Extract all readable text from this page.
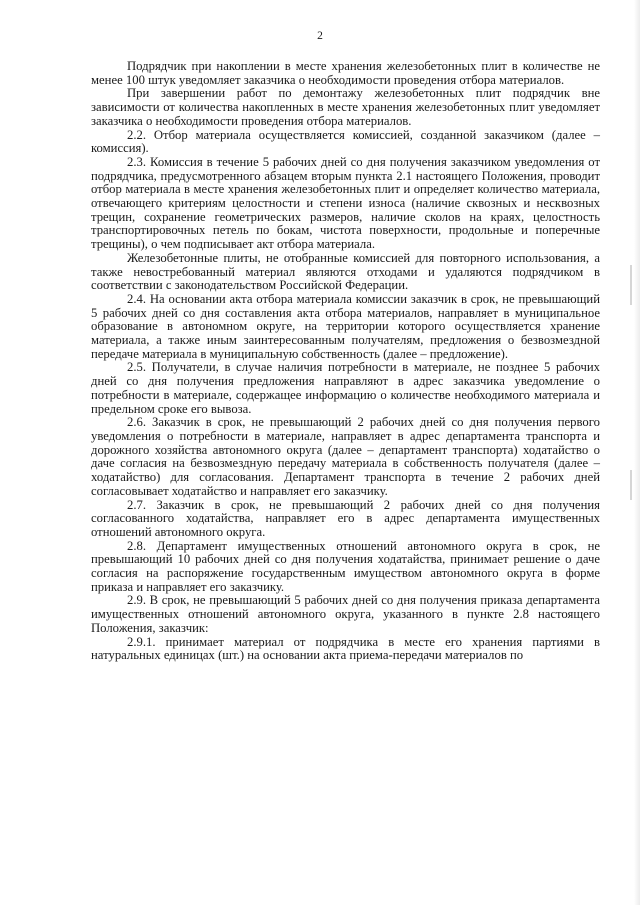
2

Подрядчик при накоплении в месте хранения железобетонных плит в количестве не менее 100 штук уведомляет заказчика о необходимости проведения отбора материалов.

При завершении работ по демонтажу железобетонных плит подрядчик вне зависимости от количества накопленных в месте хранения железобетонных плит уведомляет заказчика о необходимости проведения отбора материалов.

2.2. Отбор материала осуществляется комиссией, созданной заказчиком (далее – комиссия).

2.3. Комиссия в течение 5 рабочих дней со дня получения заказчиком уведомления от подрядчика, предусмотренного абзацем вторым пункта 2.1 настоящего Положения, проводит отбор материала в месте хранения железобетонных плит и определяет количество материала, отвечающего критериям целостности и степени износа (наличие сквозных и несквозных трещин, сохранение геометрических размеров, наличие сколов на краях, целостность транспортировочных петель по бокам, чистота поверхности, продольные и поперечные трещины), о чем подписывает акт отбора материала.

Железобетонные плиты, не отобранные комиссией для повторного использования, а также невостребованный материал являются отходами и удаляются подрядчиком в соответствии с законодательством Российской Федерации.

2.4. На основании акта отбора материала комиссии заказчик в срок, не превышающий 5 рабочих дней со дня составления акта отбора материалов, направляет в муниципальное образование в автономном округе, на территории которого осуществляется хранение материала, а также иным заинтересованным получателям, предложения о безвозмездной передаче материала в муниципальную собственность (далее – предложение).

2.5. Получатели, в случае наличия потребности в материале, не позднее 5 рабочих дней со дня получения предложения направляют в адрес заказчика уведомление о потребности в материале, содержащее информацию о количестве необходимого материала и предельном сроке его вывоза.

2.6. Заказчик в срок, не превышающий 2 рабочих дней со дня получения первого уведомления о потребности в материале, направляет в адрес департамента транспорта и дорожного хозяйства автономного округа (далее – департамент транспорта) ходатайство о даче согласия на безвозмездную передачу материала в собственность получателя (далее – ходатайство) для согласования. Департамент транспорта в течение 2 рабочих дней согласовывает ходатайство и направляет его заказчику.

2.7. Заказчик в срок, не превышающий 2 рабочих дней со дня получения согласованного ходатайства, направляет его в адрес департамента имущественных отношений автономного округа.

2.8. Департамент имущественных отношений автономного округа в срок, не превышающий 10 рабочих дней со дня получения ходатайства, принимает решение о даче согласия на распоряжение государственным имуществом автономного округа в форме приказа и направляет его заказчику.

2.9. В срок, не превышающий 5 рабочих дней со дня получения приказа департамента имущественных отношений автономного округа, указанного в пункте 2.8 настоящего Положения, заказчик:

2.9.1. принимает материал от подрядчика в месте его хранения партиями в натуральных единицах (шт.) на основании акта приема-передачи материалов по
